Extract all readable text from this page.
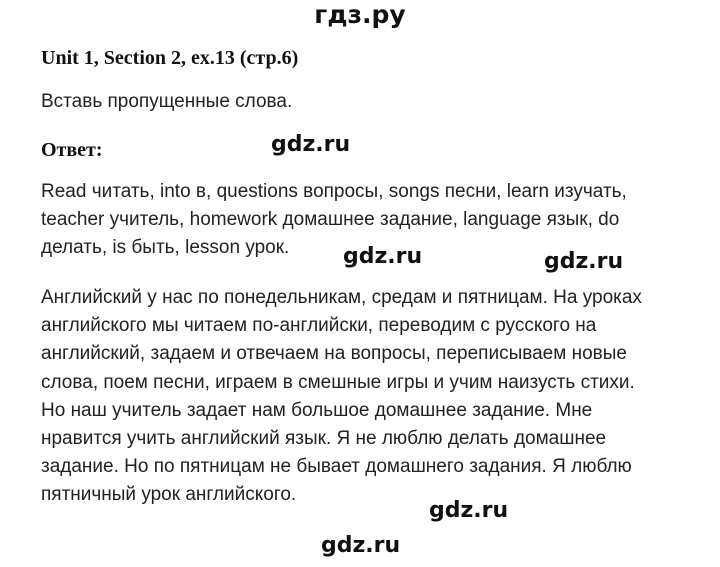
гдз.ру
Unit 1, Section 2, ex.13 (стр.6)
Вставь пропущенные слова.
Ответ:	gdz.ru
Read читать, into в, questions вопросы, songs песни, learn изучать,
teacher учитель, homework домашнее задание, language язык, do
делать, is быть, lesson урок.	gdz.ru	gdz.ru
Английский у нас по понедельникам, средам и пятницам. На уроках
английского мы читаем по-английски, переводим с русского на
английский, задаем и отвечаем на вопросы, переписываем новые
слова, поем песни, играем в смешные игры и учим наизусть стихи.
Но наш учитель задает нам большое домашнее задание. Мне
нравится учить английский язык. Я не люблю делать домашнее
задание. Но по пятницам не бывает домашнего задания. Я люблю
пятничный урок английского.
gdz.ru
gdz.ru
